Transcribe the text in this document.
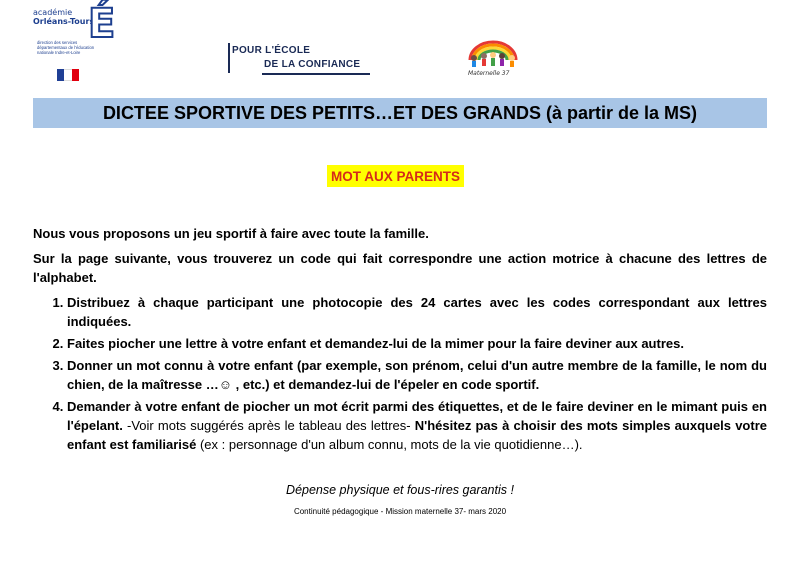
académie
Orléans-Tours
É
direction des services départementaux de l'éducation nationale Indre-et-Loire	POUR L'ÉCOLE
DE LA CONFIANCE
Maternelle 37
DICTEE SPORTIVE DES PETITS…ET DES GRANDS (à partir de la MS)
MOT AUX PARENTS

Nous vous proposons un jeu sportif à faire avec toute la famille.

Sur la page suivante, vous trouverez un code qui fait correspondre une action motrice à chacune des lettres de l'alphabet.

1. Distribuez à chaque participant une photocopie des 24 cartes avec les codes correspondant aux lettres indiquées.
2. Faites piocher une lettre à votre enfant et demandez-lui de la mimer pour la faire deviner aux autres.
3. Donner un mot connu à votre enfant (par exemple, son prénom, celui d'un autre membre de la famille, le nom du chien, de la maîtresse …☺ , etc.) et demandez-lui de l'épeler en code sportif.
4. Demander à votre enfant de piocher un mot écrit parmi des étiquettes, et de le faire deviner en le mimant puis en l'épelant. -Voir mots suggérés après le tableau des lettres- N'hésitez pas à choisir des mots simples auxquels votre enfant est familiarisé (ex : personnage d'un album connu, mots de la vie quotidienne…).
Dépense physique et fous-rires garantis !
Continuité pédagogique - Mission maternelle 37- mars 2020
